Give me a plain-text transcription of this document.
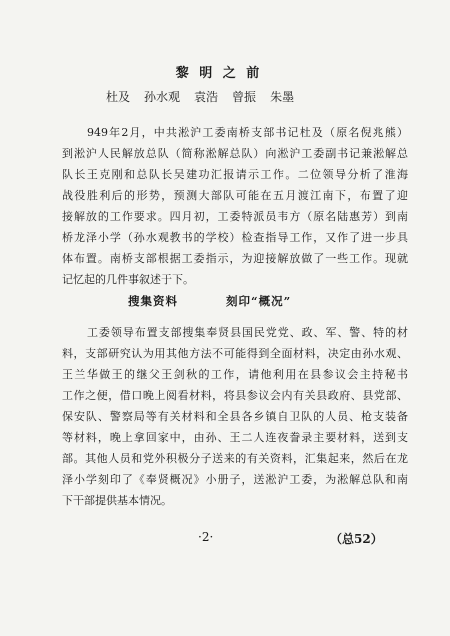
黎 明 之 前
杜及 孙水观 袁浩 曾振 朱墨
949年2月，中共淞沪工委南桥支部书记杜及（原名倪兆熊）
到淞沪人民解放总队（简称淞解总队）向淞沪工委副书记兼淞解总
队长王克刚和总队长吴建功汇报请示工作。二位领导分析了淮海
战役胜利后的形势，预测大部队可能在五月渡江南下，布置了迎
接解放的工作要求。四月初，工委特派员韦方（原名陆惠芳）到南
桥龙泽小学（孙水观教书的学校）检查指导工作，又作了进一步具
体布置。南桥支部根据工委指示，为迎接解放做了一些工作。现就
记忆起的几件事叙述于下。
搜集资料	刻印“概况”
工委领导布置支部搜集奉贤县国民党党、政、军、警、特的材
料，支部研究认为用其他方法不可能得到全面材料，决定由孙水观、
王兰华做王的继父王剑秋的工作，请他利用在县参议会主持秘书
工作之便，借口晚上阅看材料，将县参议会内有关县政府、县党部、
保安队、警察局等有关材料和全县各乡镇自卫队的人员、枪支装备
等材料，晚上拿回家中，由孙、王二人连夜誊录主要材料，送到支
部。其他人员和党外积极分子送来的有关资料，汇集起来，然后在龙
泽小学刻印了《奉贤概况》小册子，送淞沪工委，为淞解总队和南
下干部提供基本情况。
·2·	（总52）
